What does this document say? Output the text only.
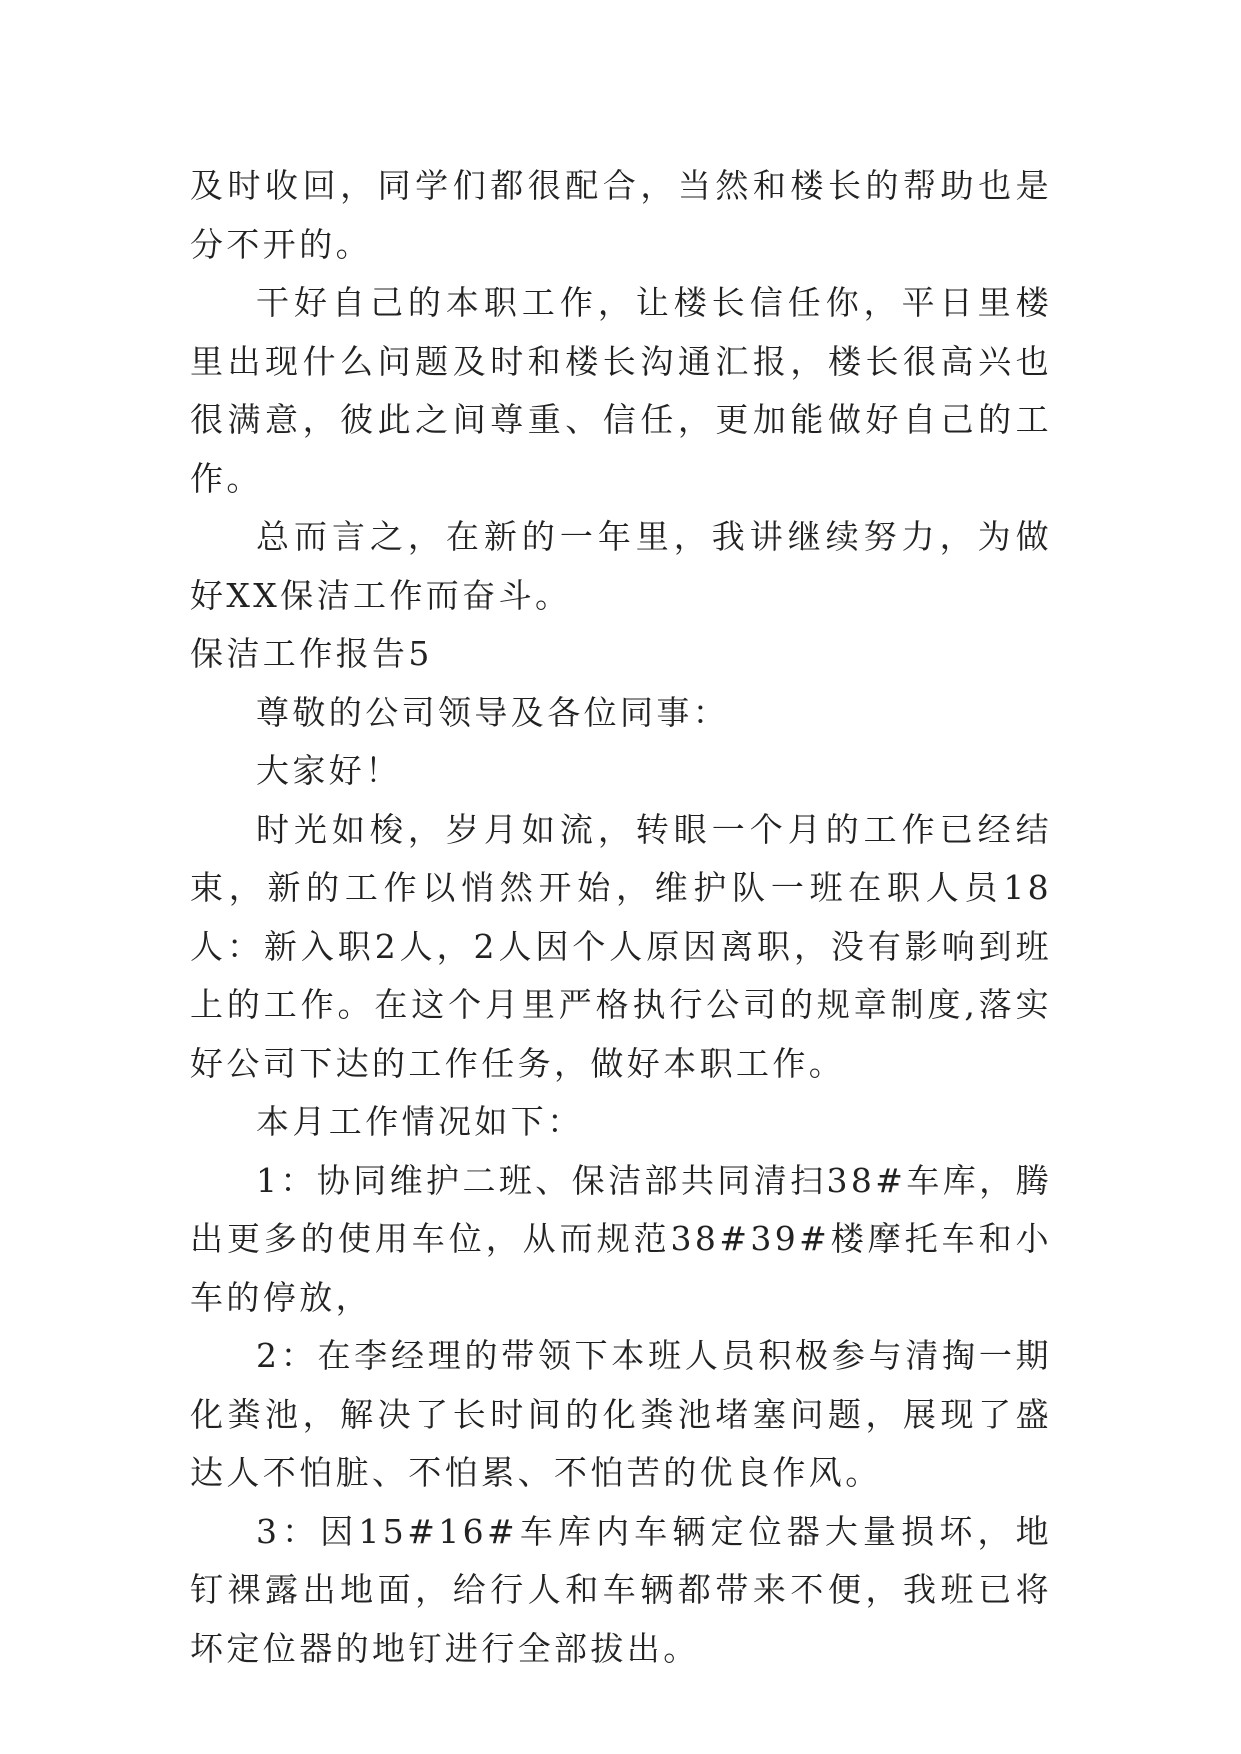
及时收回，同学们都很配合，当然和楼长的帮助也是分不开的。

干好自己的本职工作，让楼长信任你，平日里楼里出现什么问题及时和楼长沟通汇报，楼长很高兴也很满意，彼此之间尊重、信任，更加能做好自己的工作。

总而言之，在新的一年里，我讲继续努力，为做好XX保洁工作而奋斗。

保洁工作报告5

尊敬的公司领导及各位同事：

大家好！

时光如梭，岁月如流，转眼一个月的工作已经结束，新的工作以悄然开始，维护队一班在职人员18人：新入职2人，2人因个人原因离职，没有影响到班上的工作。在这个月里严格执行公司的规章制度,落实好公司下达的工作任务，做好本职工作。

本月工作情况如下：

1：协同维护二班、保洁部共同清扫38#车库，腾出更多的使用车位，从而规范38#39#楼摩托车和小车的停放，

2：在李经理的带领下本班人员积极参与清掏一期化粪池，解决了长时间的化粪池堵塞问题，展现了盛达人不怕脏、不怕累、不怕苦的优良作风。

3：因15#16#车库内车辆定位器大量损坏，地钉裸露出地面，给行人和车辆都带来不便，我班已将坏定位器的地钉进行全部拔出。
